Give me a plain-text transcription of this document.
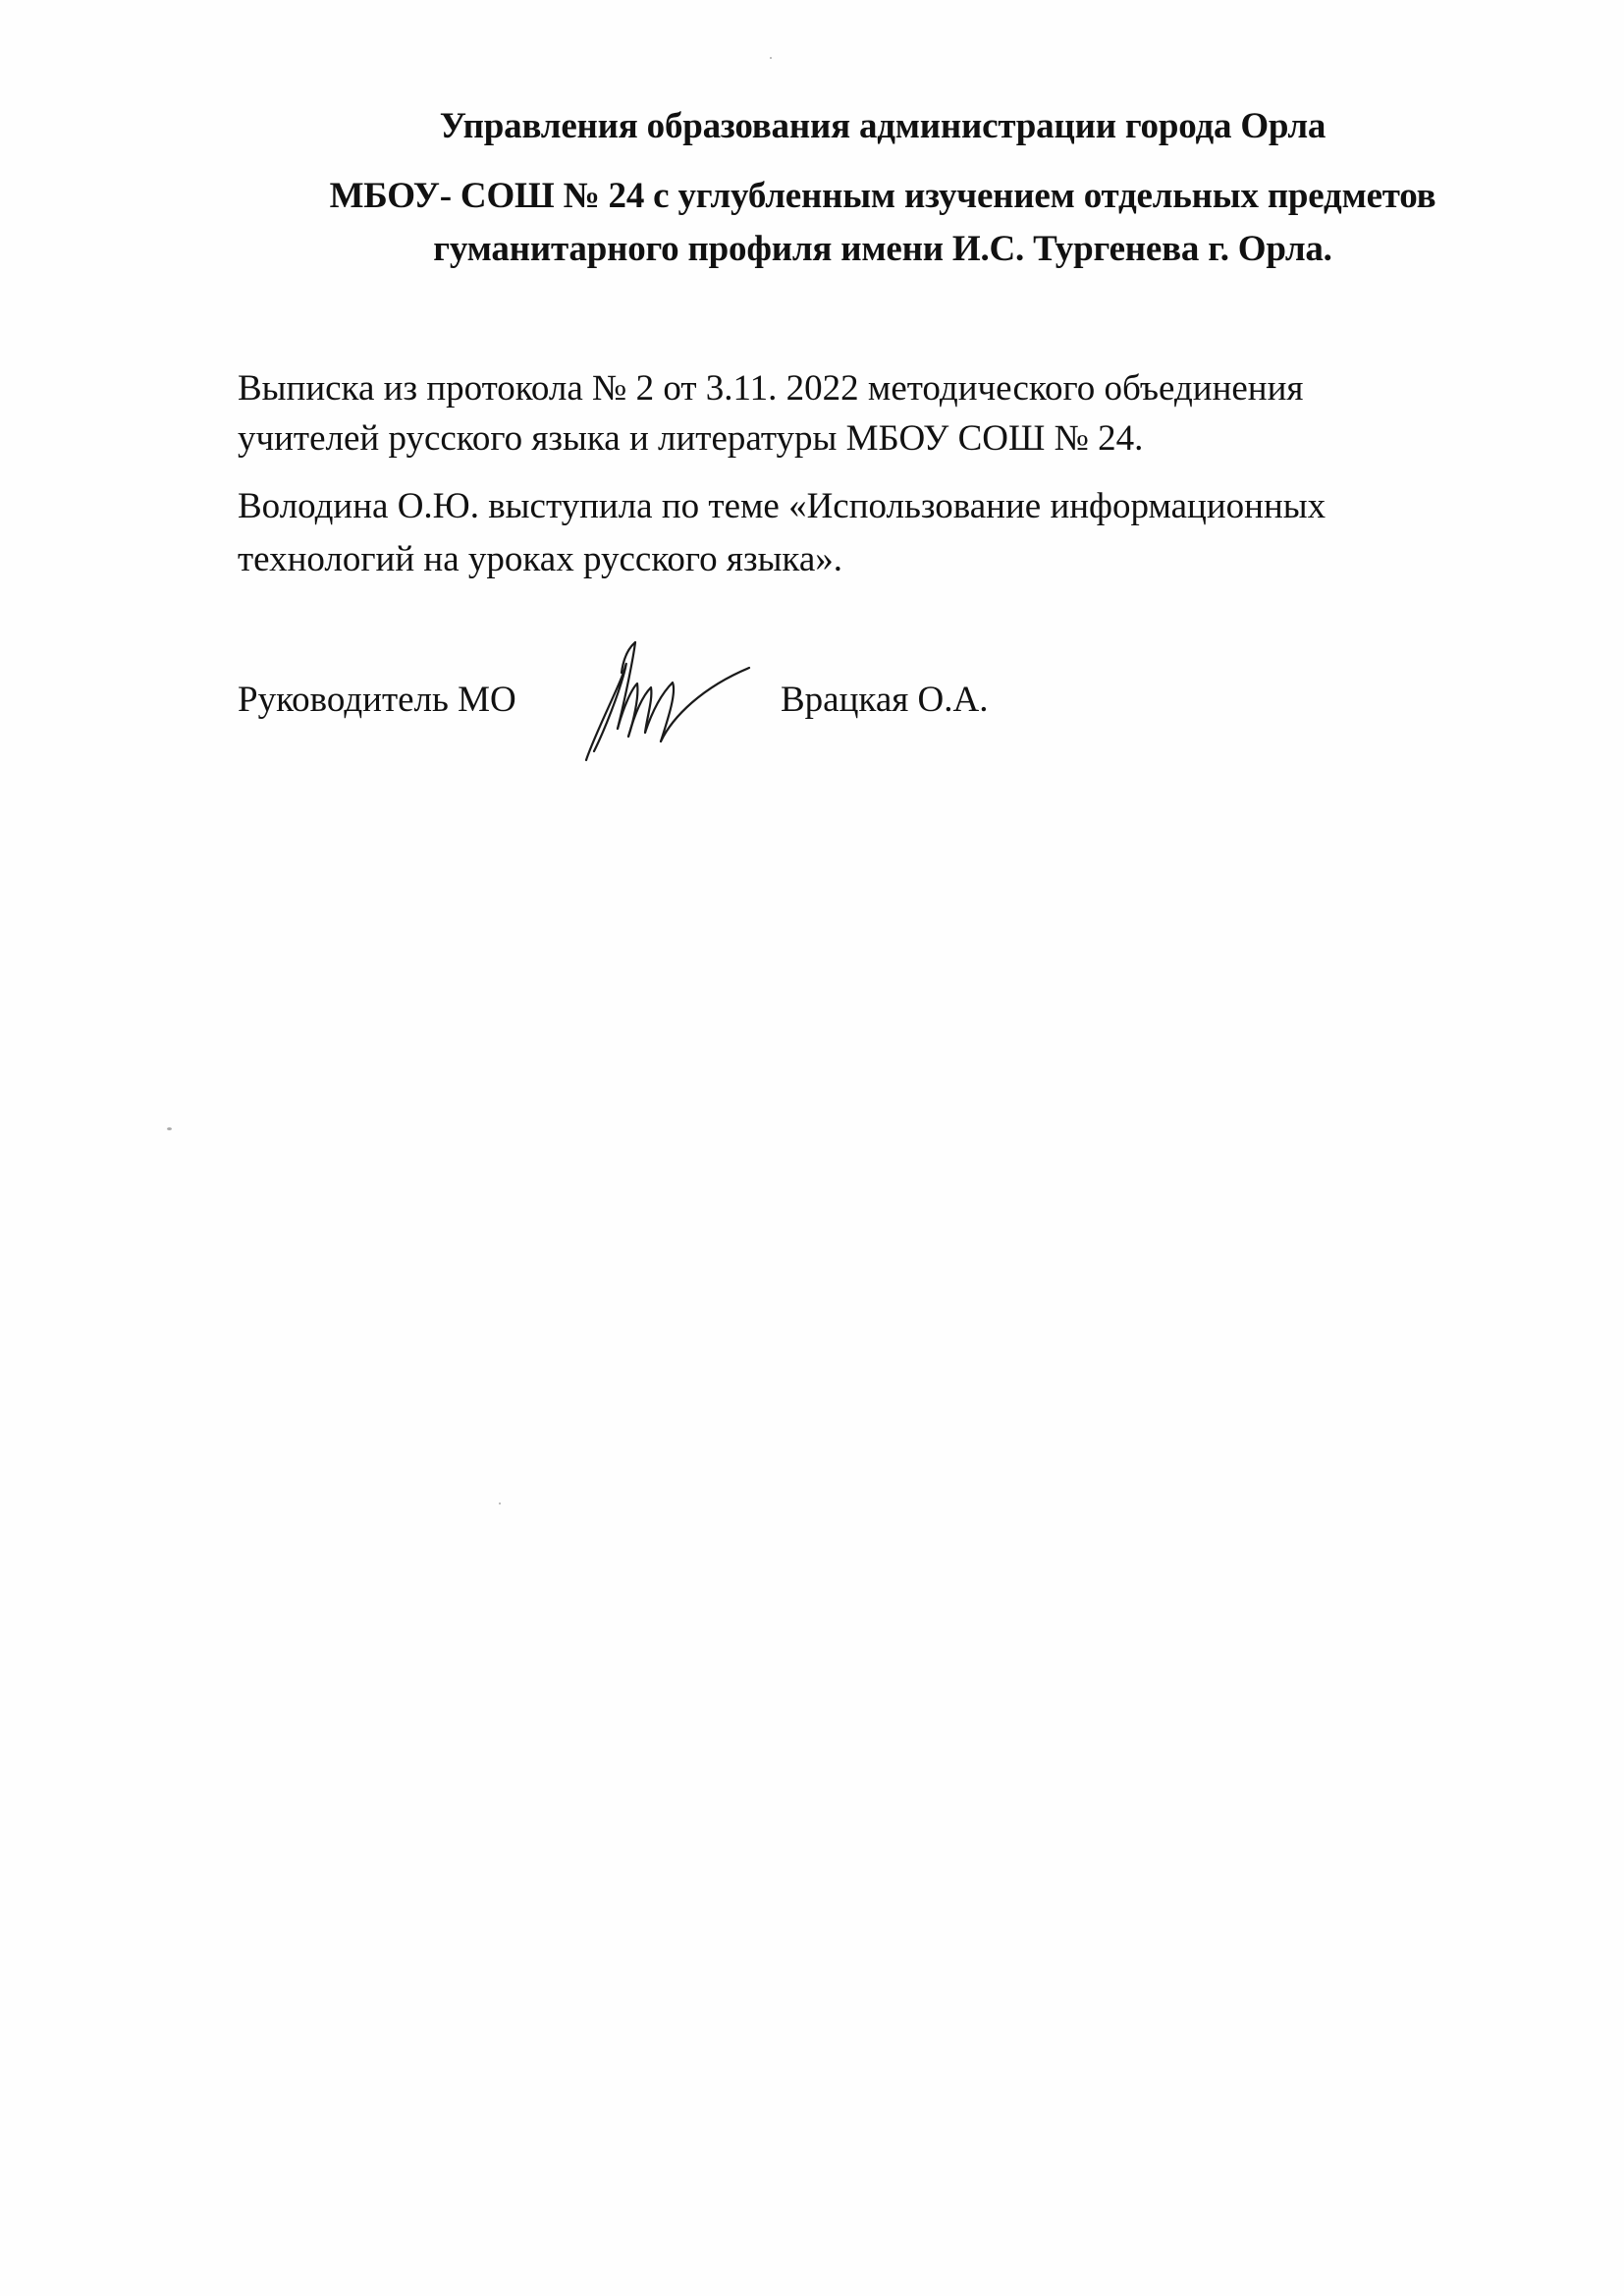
Управления образования администрации города Орла
МБОУ- СОШ № 24 с углубленным изучением отдельных предметов
гуманитарного профиля имени И.С. Тургенева г. Орла.
Выписка из протокола № 2 от 3.11. 2022 методического объединения
учителей русского языка и литературы МБОУ СОШ № 24.
Володина О.Ю. выступила по теме «Использование информационных
технологий на уроках русского языка».
Руководитель МО	Врацкая О.А.
